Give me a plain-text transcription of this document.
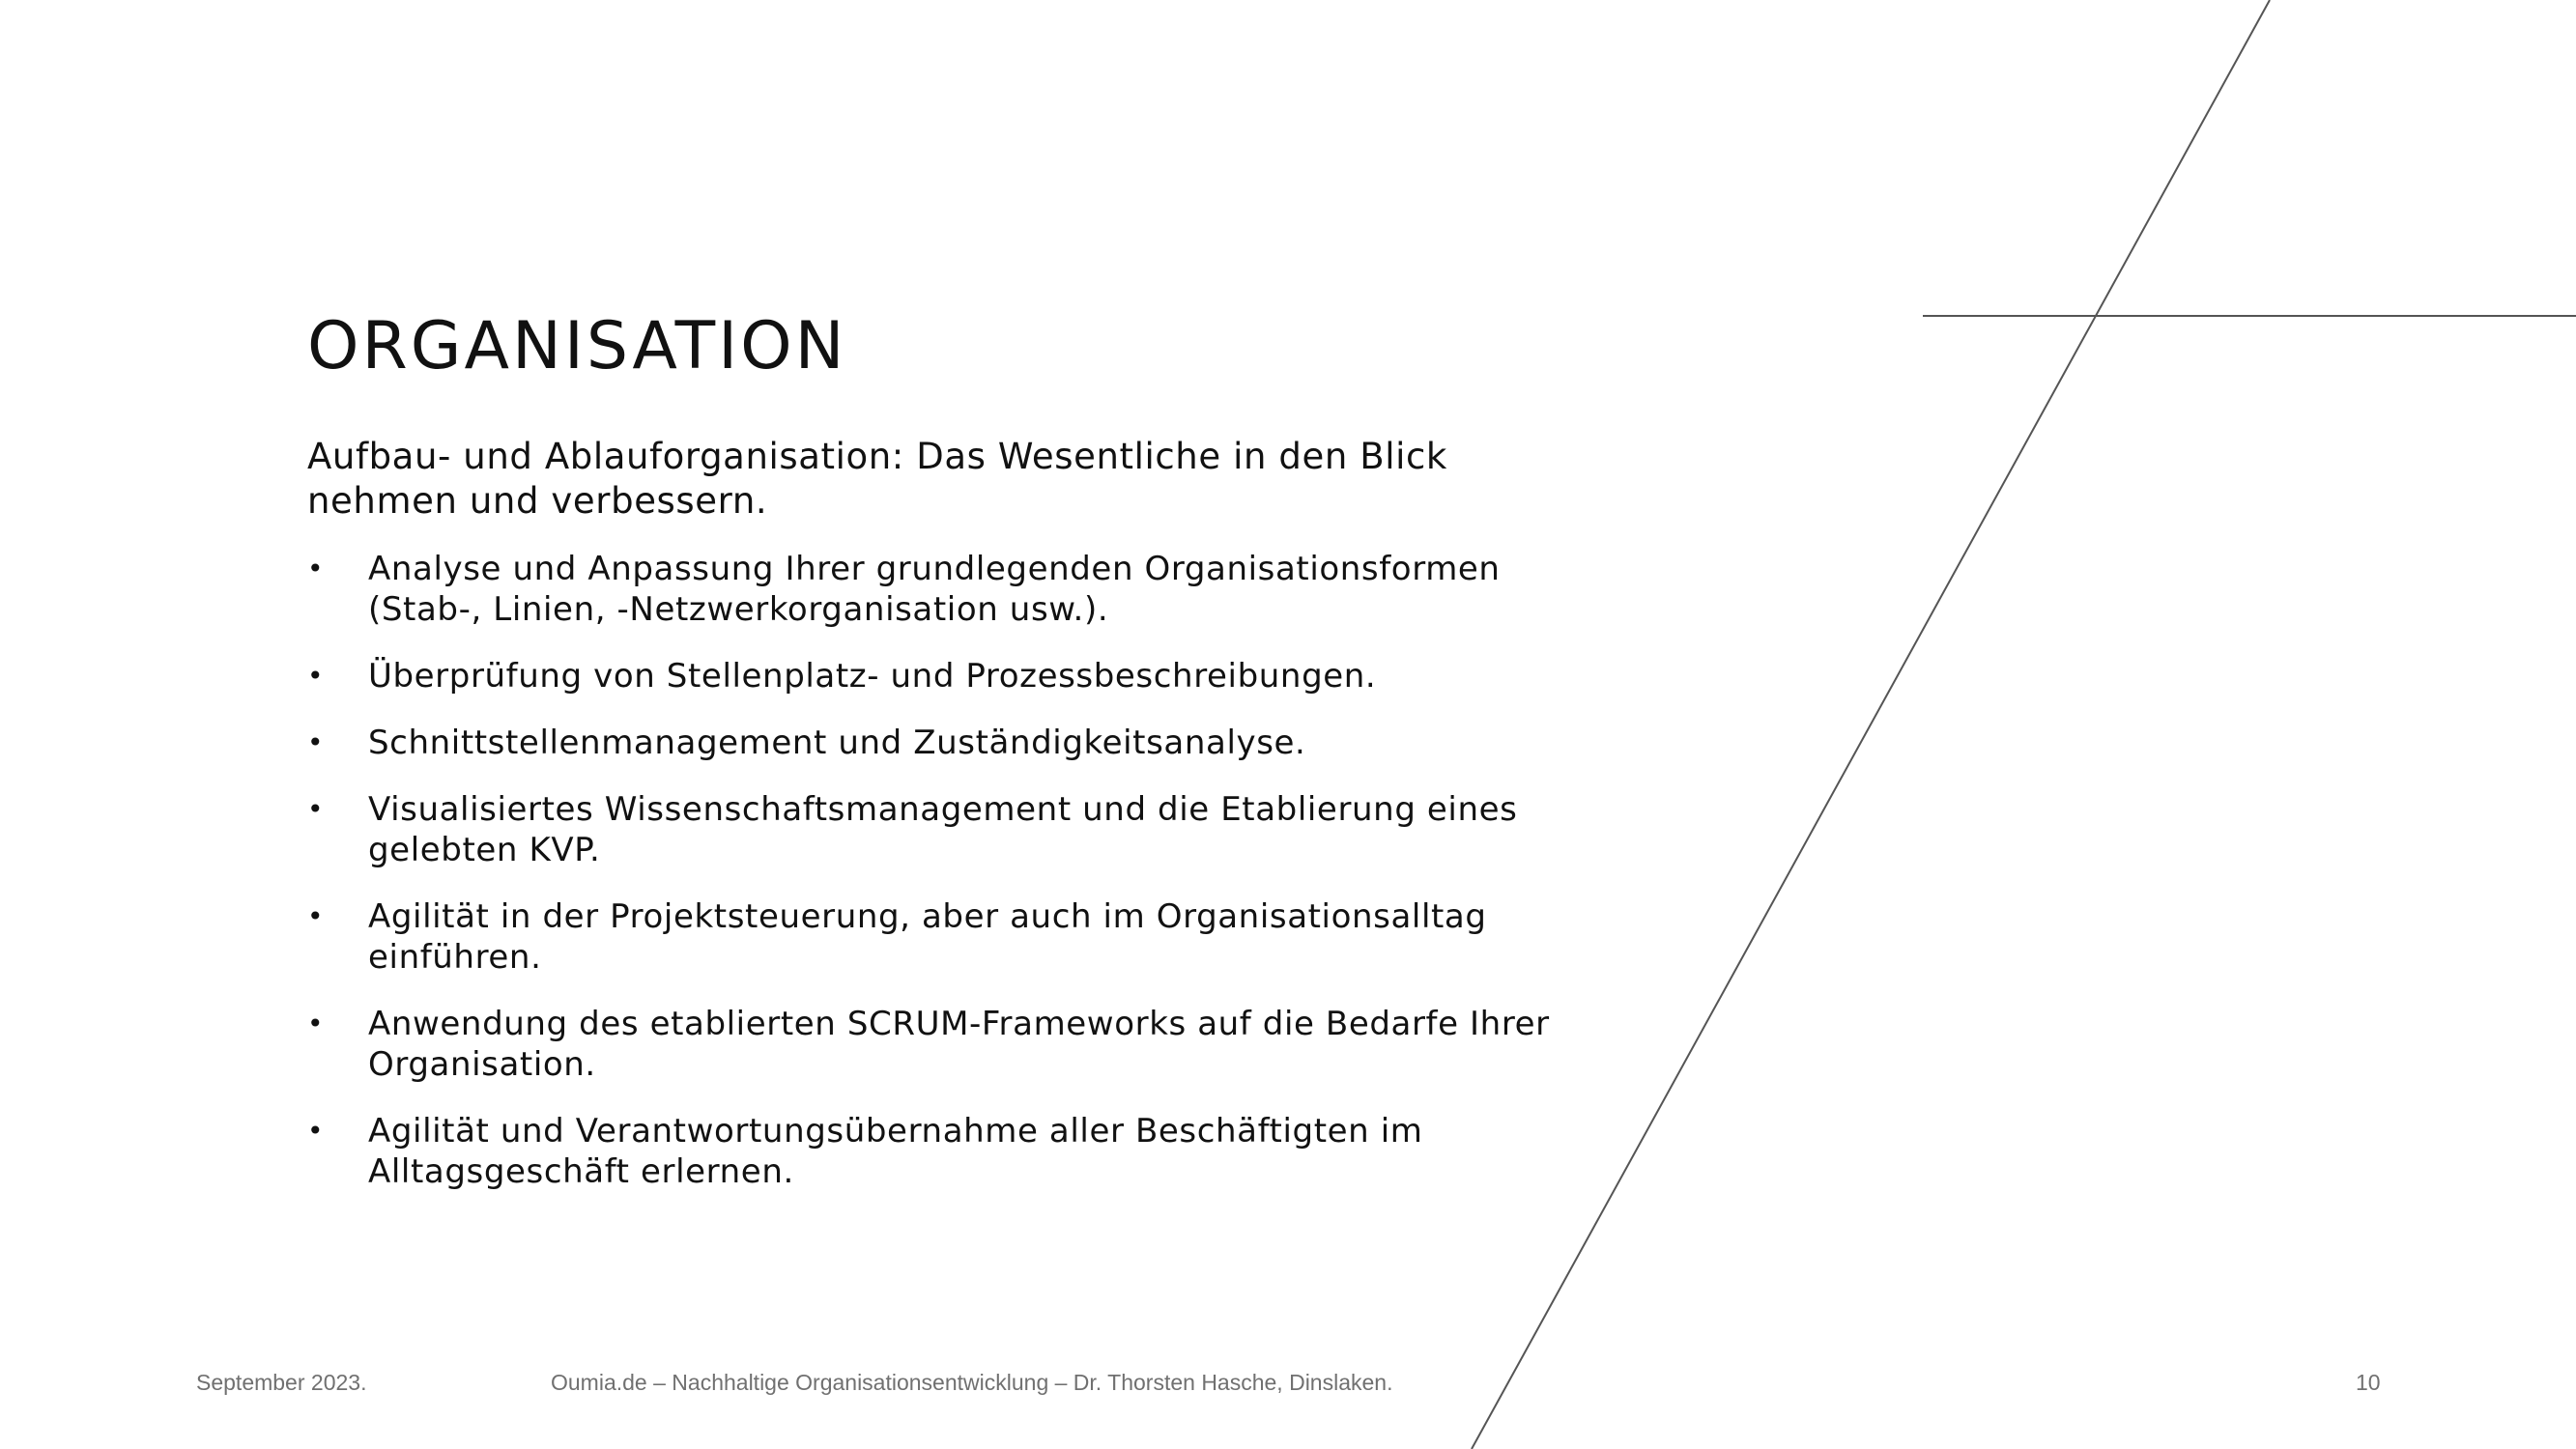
ORGANISATION

Aufbau- und Ablauforganisation: Das Wesentliche in den Blick nehmen und verbessern.

• Analyse und Anpassung Ihrer grundlegenden Organisationsformen (Stab-, Linien, -Netzwerkorganisation usw.).
• Überprüfung von Stellenplatz- und Prozessbeschreibungen.
• Schnittstellenmanagement und Zuständigkeitsanalyse.
• Visualisiertes Wissenschaftsmanagement und die Etablierung eines gelebten KVP.
• Agilität in der Projektsteuerung, aber auch im Organisationsalltag einführen.
• Anwendung des etablierten SCRUM-Frameworks auf die Bedarfe Ihrer Organisation.
• Agilität und Verantwortungsübernahme aller Beschäftigten im Alltagsgeschäft erlernen.
September 2023.	Oumia.de – Nachhaltige Organisationsentwicklung – Dr. Thorsten Hasche, Dinslaken.	10
